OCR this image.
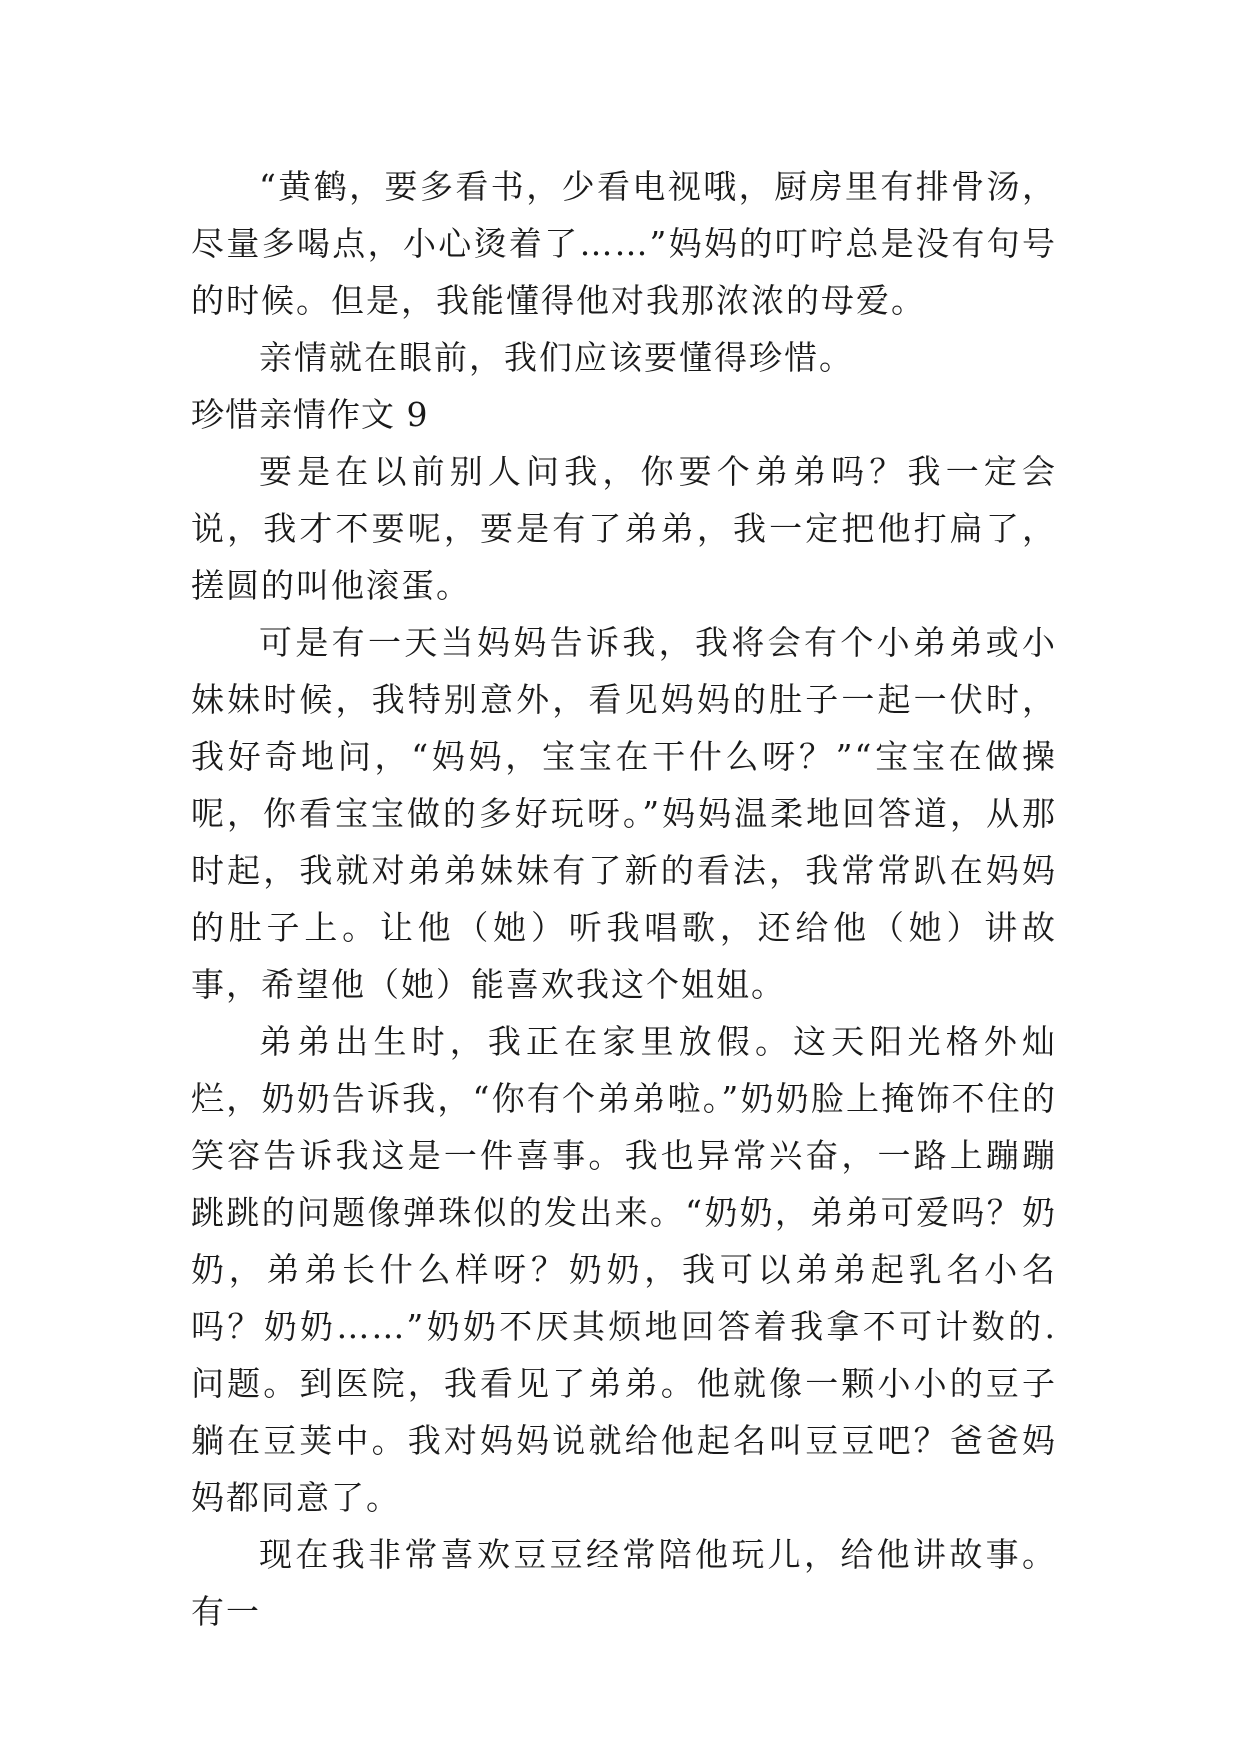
“黄鹤，要多看书，少看电视哦，厨房里有排骨汤，尽量多喝点，小心烫着了……”妈妈的叮咛总是没有句号的时候。但是，我能懂得他对我那浓浓的母爱。

亲情就在眼前，我们应该要懂得珍惜。

珍惜亲情作文 9

要是在以前别人问我，你要个弟弟吗？我一定会说，我才不要呢，要是有了弟弟，我一定把他打扁了，搓圆的叫他滚蛋。

可是有一天当妈妈告诉我，我将会有个小弟弟或小妹妹时候，我特别意外，看见妈妈的肚子一起一伏时，我好奇地问，“妈妈，宝宝在干什么呀？”“宝宝在做操呢，你看宝宝做的多好玩呀。”妈妈温柔地回答道，从那时起，我就对弟弟妹妹有了新的看法，我常常趴在妈妈的肚子上。让他（她）听我唱歌，还给他（她）讲故事，希望他（她）能喜欢我这个姐姐。

弟弟出生时，我正在家里放假。这天阳光格外灿烂，奶奶告诉我，“你有个弟弟啦。”奶奶脸上掩饰不住的笑容告诉我这是一件喜事。我也异常兴奋，一路上蹦蹦跳跳的问题像弹珠似的发出来。“奶奶，弟弟可爱吗？奶奶，弟弟长什么样呀？奶奶，我可以弟弟起乳名小名吗？奶奶……”奶奶不厌其烦地回答着我拿不可计数的.问题。到医院，我看见了弟弟。他就像一颗小小的豆子躺在豆荚中。我对妈妈说就给他起名叫豆豆吧？爸爸妈妈都同意了。

现在我非常喜欢豆豆经常陪他玩儿，给他讲故事。有一
